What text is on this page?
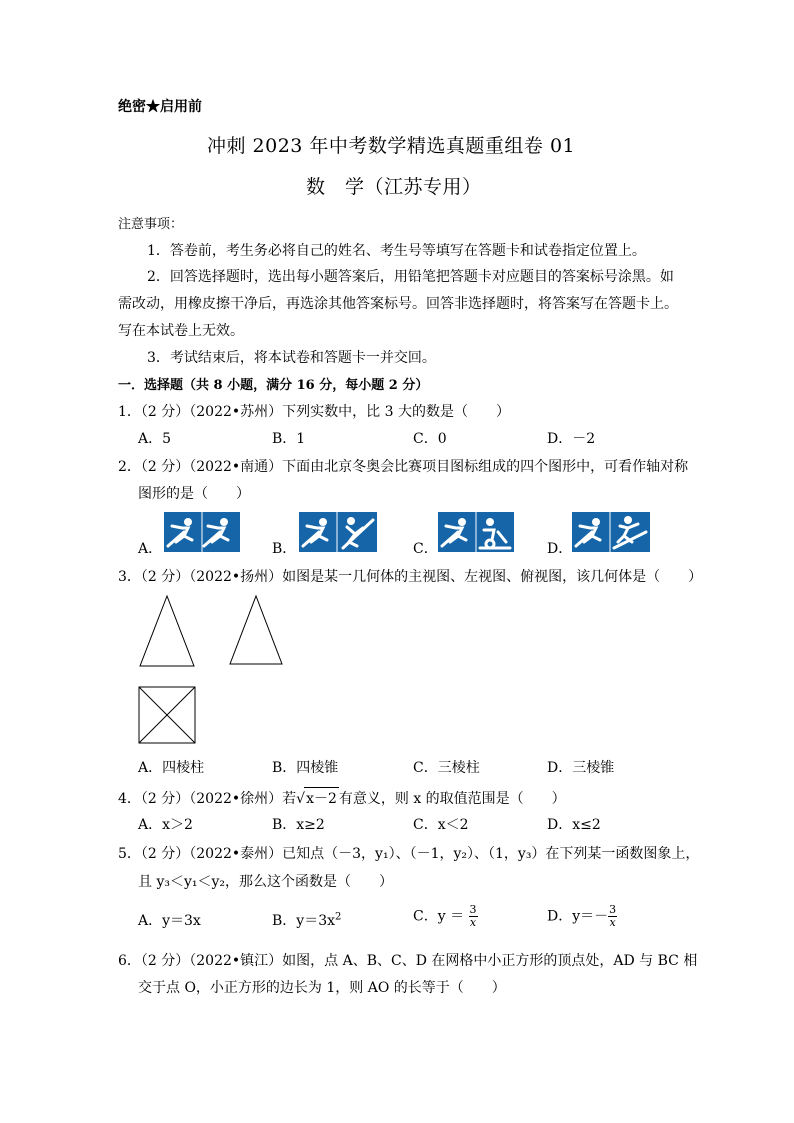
绝密★启用前
冲刺 2023 年中考数学精选真题重组卷 01
数　学（江苏专用）
注意事项：
1．答卷前，考生务必将自己的姓名、考生号等填写在答题卡和试卷指定位置上。
2．回答选择题时，选出每小题答案后，用铅笔把答题卡对应题目的答案标号涂黑。如
需改动，用橡皮擦干净后，再选涂其他答案标号。回答非选择题时，将答案写在答题卡上。
写在本试卷上无效。
3．考试结束后，将本试卷和答题卡一并交回。
一．选择题（共 8 小题，满分 16 分，每小题 2 分）
1．（2 分）（2022•苏州）下列实数中，比 3 大的数是（　　）
A．5	B．1	C．0	D．－2
2．（2 分）（2022•南通）下面由北京冬奥会比赛项目图标组成的四个图形中，可看作轴对称
图形的是（　　）
A．	B．	C．	D．
3．（2 分）（2022•扬州）如图是某一几何体的主视图、左视图、俯视图，该几何体是（　　）
A．四棱柱	B．四棱锥	C．三棱柱	D．三棱锥
4．（2 分）（2022•徐州）若√x－2 有意义，则 x 的取值范围是（　　）
A．x＞2	B．x≥2	C．x＜2	D．x≤2
5．（2 分）（2022•泰州）已知点（－3，y₁）、（－1，y₂）、（1，y₃）在下列某一函数图象上，
且 y₃＜y₁＜y₂，那么这个函数是（　　）
A．y＝3x	B．$y=3x^2$	C．$y = \frac{3}{x}$	D．$y=- \frac{3}{x}$
6．（2 分）（2022•镇江）如图，点 A、B、C、D 在网格中小正方形的顶点处，AD 与 BC 相
交于点 O，小正方形的边长为 1，则 AO 的长等于（　　）
